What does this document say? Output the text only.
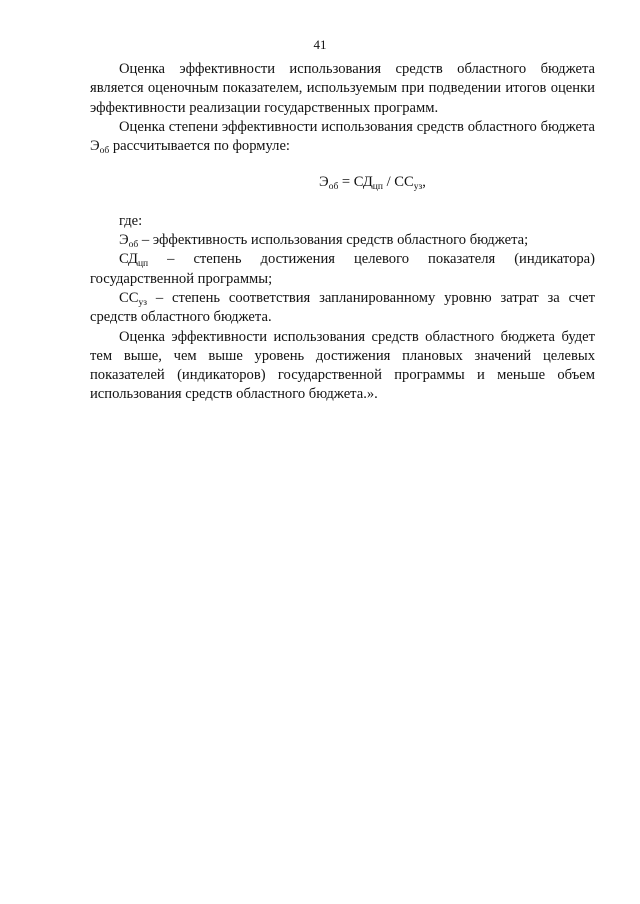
41

Оценка эффективности использования средств областного бюджета является оценочным показателем, используемым при подведении итогов оценки эффективности реализации государственных программ.

Оценка степени эффективности использования средств областного бюджета $Э_{об}$ рассчитывается по формуле:

$Э_{об} = СД_{цп} / СС_{уз}$,

где:

$Э_{об}$ – эффективность использования средств областного бюджета;

$СД_{цп}$ – степень достижения целевого показателя (индикатора) государственной программы;

$СС_{уз}$ – степень соответствия запланированному уровню затрат за счет средств областного бюджета.

Оценка эффективности использования средств областного бюджета будет тем выше, чем выше уровень достижения плановых значений целевых показателей (индикаторов) государственной программы и меньше объем использования средств областного бюджета.».
